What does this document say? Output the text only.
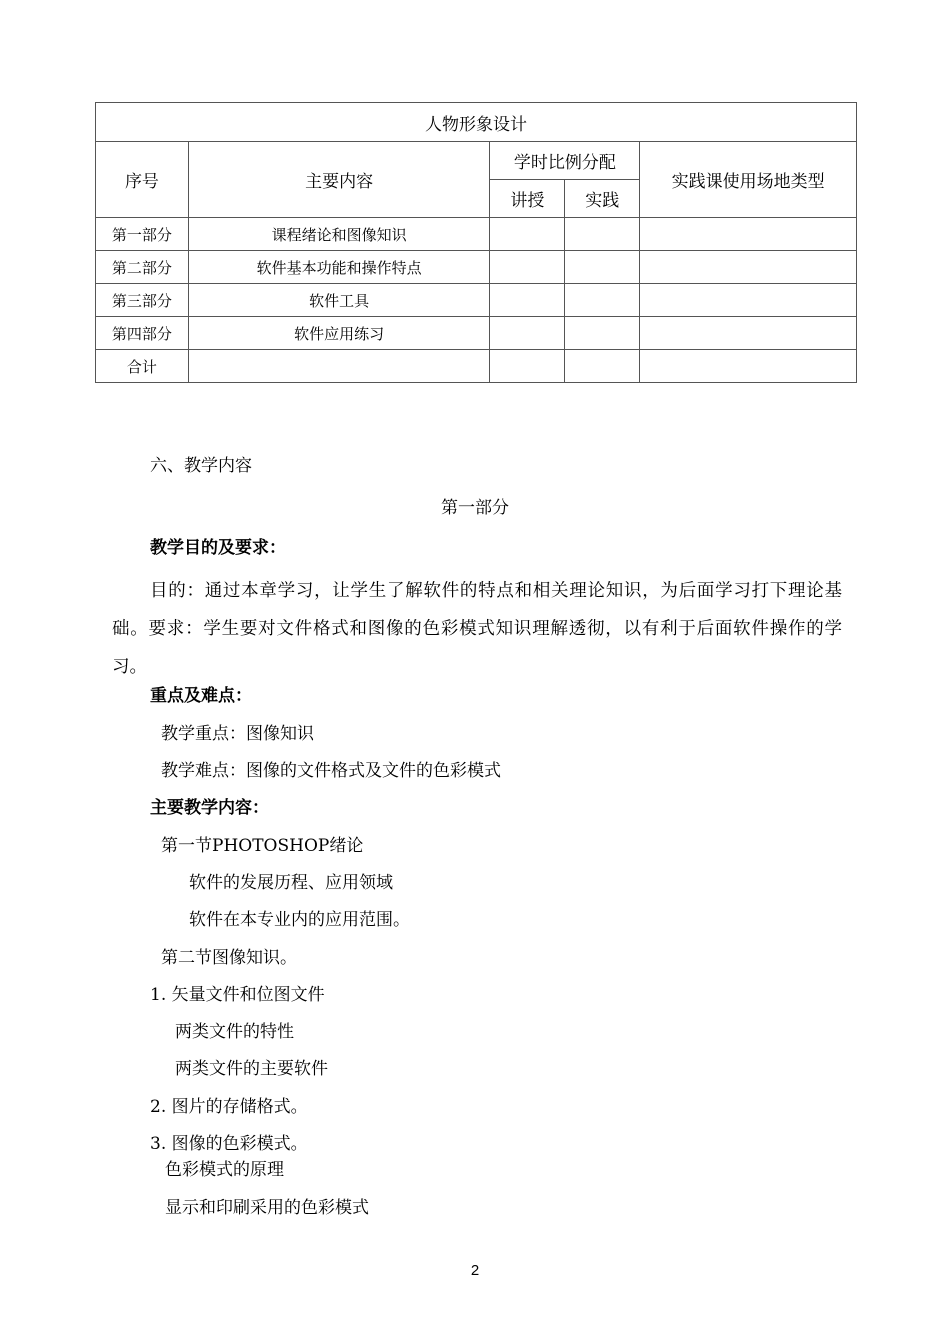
人物形象设计				
序号	主要内容	学时比例分配		实践课使用场地类型
		讲授	实践	
第一部分	课程绪论和图像知识			
第二部分	软件基本功能和操作特点			
第三部分	软件工具			
第四部分	软件应用练习			
合计				
六、教学内容
第一部分
教学目的及要求：

目的：通过本章学习，让学生了解软件的特点和相关理论知识，为后面学习打下理论基础。要求：学生要对文件格式和图像的色彩模式知识理解透彻，以有利于后面软件操作的学习。

重点及难点：
教学重点：图像知识
教学难点：图像的文件格式及文件的色彩模式
主要教学内容：
第一节PHOTOSHOP绪论
软件的发展历程、应用领域
软件在本专业内的应用范围。
第二节图像知识。
1. 矢量文件和位图文件
两类文件的特性
两类文件的主要软件
2. 图片的存储格式。
3. 图像的色彩模式。
色彩模式的原理
显示和印刷采用的色彩模式
2
